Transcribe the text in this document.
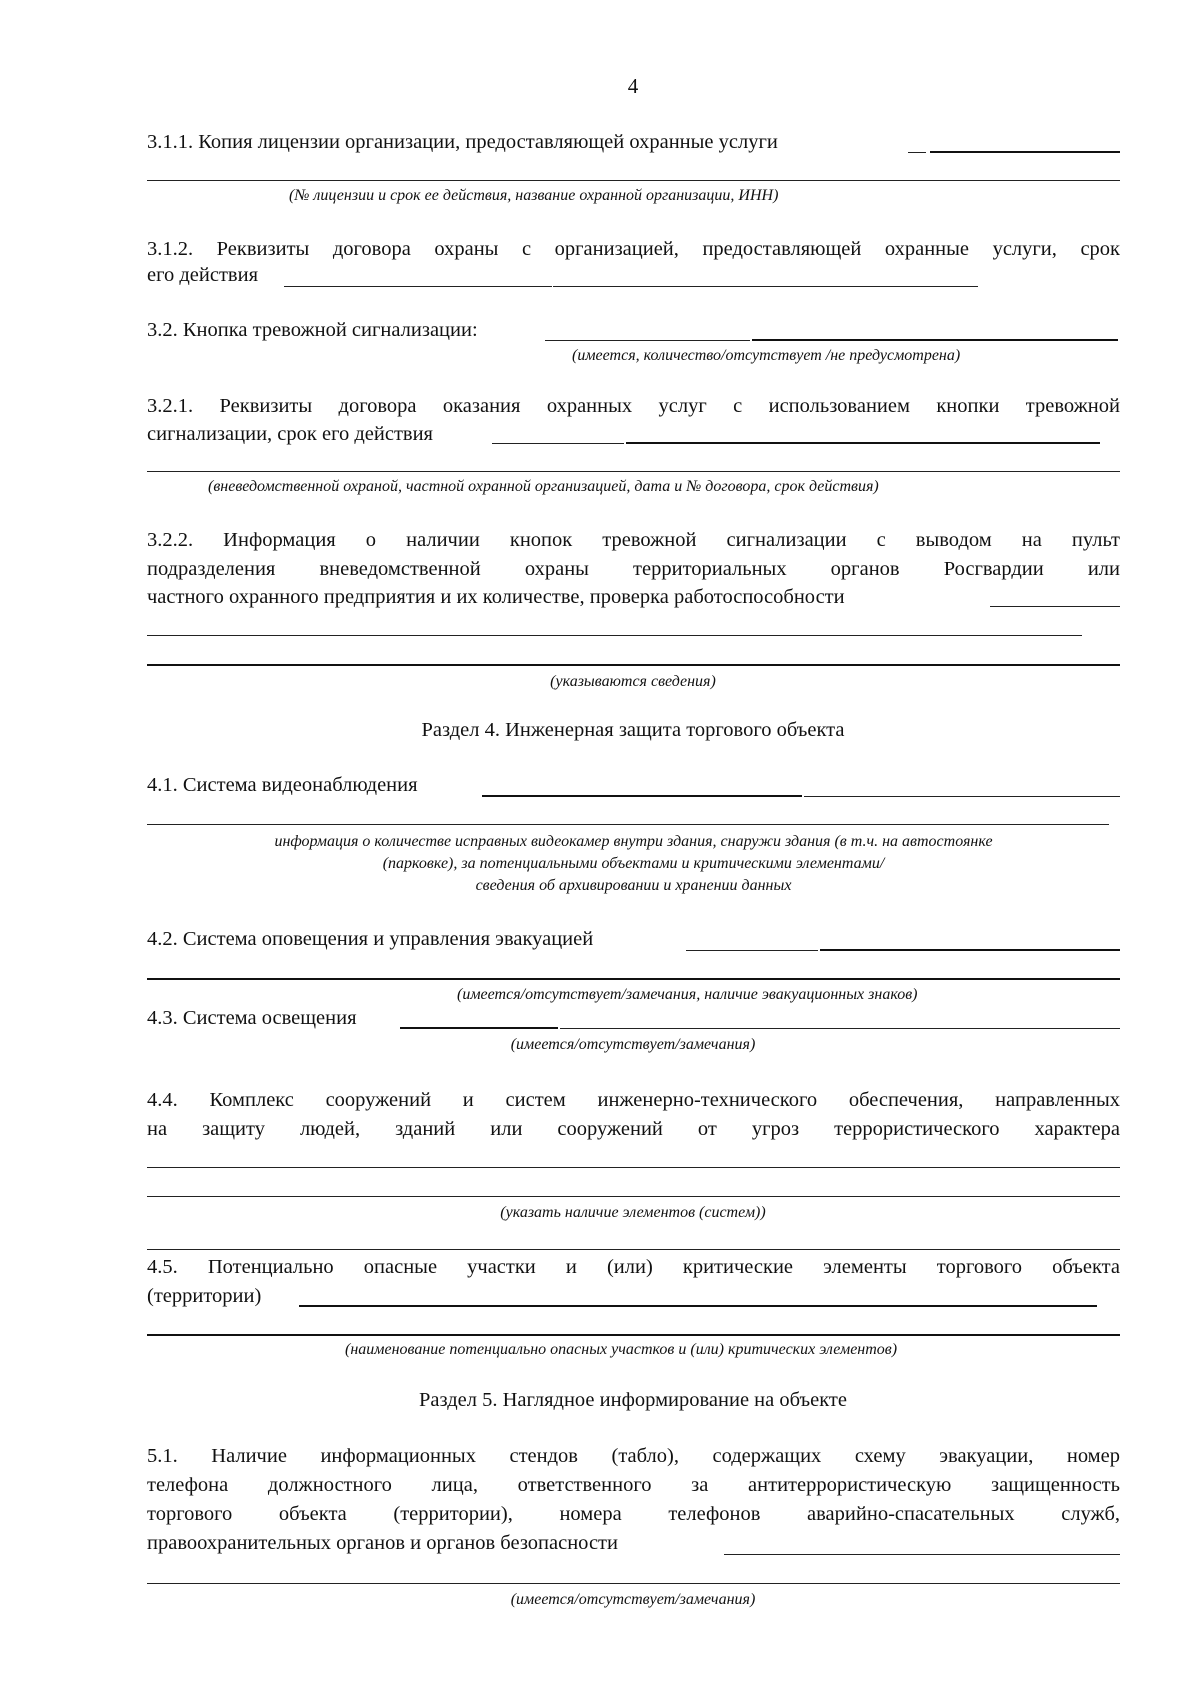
4
3.1.1. Копия лицензии организации, предоставляющей охранные услуги
(№ лицензии и срок ее действия, название охранной организации, ИНН)
3.1.2. Реквизиты договора охраны с организацией, предоставляющей охранные услуги, срок
его действия
3.2. Кнопка тревожной сигнализации:
(имеется, количество/отсутствует /не предусмотрена)
3.2.1. Реквизиты договора оказания охранных услуг с использованием кнопки тревожной
сигнализации, срок его действия
(вневедомственной охраной, частной охранной организацией, дата и № договора, срок действия)
3.2.2. Информация о наличии кнопок тревожной сигнализации с выводом на пульт
подразделения вневедомственной охраны территориальных органов Росгвардии или
частного охранного предприятия и их количестве, проверка работоспособности
(указываются сведения)
Раздел 4. Инженерная защита торгового объекта
4.1. Система видеонаблюдения
информация о количестве исправных видеокамер внутри здания, снаружи здания (в т.ч. на автостоянке
(парковке), за потенциальными объектами и критическими элементами/
сведения об архивировании и хранении данных
4.2. Система оповещения и управления эвакуацией
(имеется/отсутствует/замечания, наличие эвакуационных знаков)
4.3. Система освещения
(имеется/отсутствует/замечания)
4.4. Комплекс сооружений и систем инженерно-технического обеспечения, направленных
на защиту людей, зданий или сооружений от угроз террористического характера
(указать наличие элементов (систем))
4.5. Потенциально опасные участки и (или) критические элементы торгового объекта
(территории)
(наименование потенциально опасных участков и (или) критических элементов)
Раздел 5. Наглядное информирование на объекте
5.1. Наличие информационных стендов (табло), содержащих схему эвакуации, номер
телефона должностного лица, ответственного за антитеррористическую защищенность
торгового объекта (территории), номера телефонов аварийно-спасательных служб,
правоохранительных органов и органов безопасности
(имеется/отсутствует/замечания)
